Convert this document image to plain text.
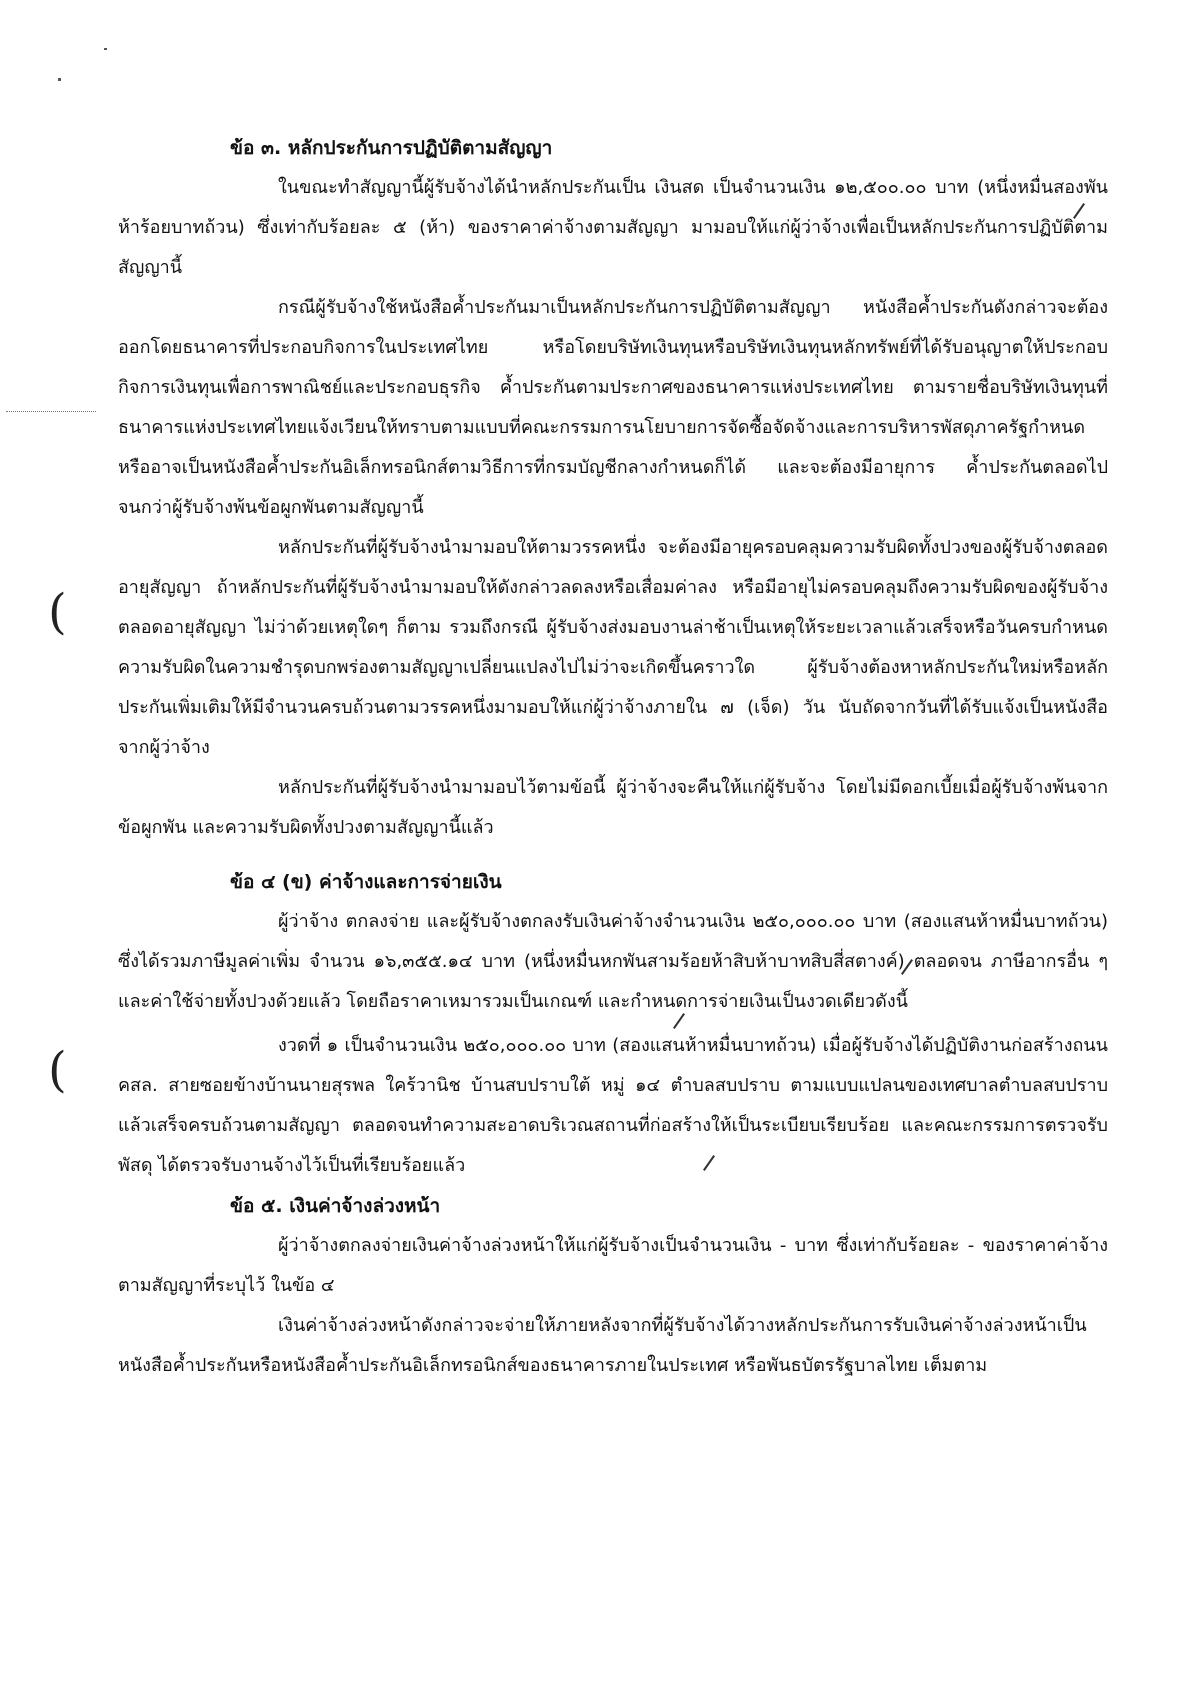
(
(

ข้อ ๓. หลักประกันการปฏิบัติตามสัญญา

ในขณะทำสัญญานี้ผู้รับจ้างได้นำหลักประกันเป็น เงินสด เป็นจำนวนเงิน ๑๒,๕๐๐.๐๐ บาท (หนึ่งหมื่นสองพันห้าร้อยบาทถ้วน) ซึ่งเท่ากับร้อยละ ๕ (ห้า) ของราคาค่าจ้างตามสัญญา มามอบให้แก่ผู้ว่าจ้างเพื่อเป็นหลักประกันการปฏิบัติตามสัญญานี้

กรณีผู้รับจ้างใช้หนังสือค้ำประกันมาเป็นหลักประกันการปฏิบัติตามสัญญา หนังสือค้ำประกันดังกล่าวจะต้องออกโดยธนาคารที่ประกอบกิจการในประเทศไทย หรือโดยบริษัทเงินทุนหรือบริษัทเงินทุนหลักทรัพย์ที่ได้รับอนุญาตให้ประกอบกิจการเงินทุนเพื่อการพาณิชย์และประกอบธุรกิจ ค้ำประกันตามประกาศของธนาคารแห่งประเทศไทย ตามรายชื่อบริษัทเงินทุนที่ธนาคารแห่งประเทศไทยแจ้งเวียนให้ทราบตามแบบที่คณะกรรมการนโยบายการจัดซื้อจัดจ้างและการบริหารพัสดุภาครัฐกำหนดหรืออาจเป็นหนังสือค้ำประกันอิเล็กทรอนิกส์ตามวิธีการที่กรมบัญชีกลางกำหนดก็ได้ และจะต้องมีอายุการ ค้ำประกันตลอดไปจนกว่าผู้รับจ้างพ้นข้อผูกพันตามสัญญานี้

หลักประกันที่ผู้รับจ้างนำมามอบให้ตามวรรคหนึ่ง จะต้องมีอายุครอบคลุมความรับผิดทั้งปวงของผู้รับจ้างตลอดอายุสัญญา ถ้าหลักประกันที่ผู้รับจ้างนำมามอบให้ดังกล่าวลดลงหรือเสื่อมค่าลง หรือมีอายุไม่ครอบคลุมถึงความรับผิดของผู้รับจ้างตลอดอายุสัญญา ไม่ว่าด้วยเหตุใดๆ ก็ตาม รวมถึงกรณี ผู้รับจ้างส่งมอบงานล่าช้าเป็นเหตุให้ระยะเวลาแล้วเสร็จหรือวันครบกำหนดความรับผิดในความชำรุดบกพร่องตามสัญญาเปลี่ยนแปลงไปไม่ว่าจะเกิดขึ้นคราวใด ผู้รับจ้างต้องหาหลักประกันใหม่หรือหลักประกันเพิ่มเติมให้มีจำนวนครบถ้วนตามวรรคหนึ่งมามอบให้แก่ผู้ว่าจ้างภายใน ๗ (เจ็ด) วัน นับถัดจากวันที่ได้รับแจ้งเป็นหนังสือจากผู้ว่าจ้าง

หลักประกันที่ผู้รับจ้างนำมามอบไว้ตามข้อนี้ ผู้ว่าจ้างจะคืนให้แก่ผู้รับจ้าง โดยไม่มีดอกเบี้ยเมื่อผู้รับจ้างพ้นจากข้อผูกพัน และความรับผิดทั้งปวงตามสัญญานี้แล้ว

ข้อ ๔ (ข) ค่าจ้างและการจ่ายเงิน

ผู้ว่าจ้าง ตกลงจ่าย และผู้รับจ้างตกลงรับเงินค่าจ้างจำนวนเงิน ๒๕๐,๐๐๐.๐๐ บาท (สองแสนห้าหมื่นบาทถ้วน) ซึ่งได้รวมภาษีมูลค่าเพิ่ม จำนวน ๑๖,๓๕๕.๑๔ บาท (หนึ่งหมื่นหกพันสามร้อยห้าสิบห้าบาทสิบสี่สตางค์) ตลอดจน ภาษีอากรอื่น ๆ และค่าใช้จ่ายทั้งปวงด้วยแล้ว โดยถือราคาเหมารวมเป็นเกณฑ์ และกำหนดการจ่ายเงินเป็นงวดเดียวดังนี้

งวดที่ ๑ เป็นจำนวนเงิน ๒๕๐,๐๐๐.๐๐ บาท (สองแสนห้าหมื่นบาทถ้วน) เมื่อผู้รับจ้างได้ปฏิบัติงานก่อสร้างถนน คสล. สายซอยข้างบ้านนายสุรพล ใคร้วานิช บ้านสบปราบใต้ หมู่ ๑๔ ตำบลสบปราบ ตามแบบแปลนของเทศบาลตำบลสบปราบ แล้วเสร็จครบถ้วนตามสัญญา ตลอดจนทำความสะอาดบริเวณสถานที่ก่อสร้างให้เป็นระเบียบเรียบร้อย และคณะกรรมการตรวจรับพัสดุ ได้ตรวจรับงานจ้างไว้เป็นที่เรียบร้อยแล้ว

ข้อ ๕. เงินค่าจ้างล่วงหน้า

ผู้ว่าจ้างตกลงจ่ายเงินค่าจ้างล่วงหน้าให้แก่ผู้รับจ้างเป็นจำนวนเงิน - บาท ซึ่งเท่ากับร้อยละ - ของราคาค่าจ้าง ตามสัญญาที่ระบุไว้ ในข้อ ๔

เงินค่าจ้างล่วงหน้าดังกล่าวจะจ่ายให้ภายหลังจากที่ผู้รับจ้างได้วางหลักประกันการรับเงินค่าจ้างล่วงหน้าเป็นหนังสือค้ำประกันหรือหนังสือค้ำประกันอิเล็กทรอนิกส์ของธนาคารภายในประเทศ หรือพันธบัตรรัฐบาลไทย เต็มตาม
